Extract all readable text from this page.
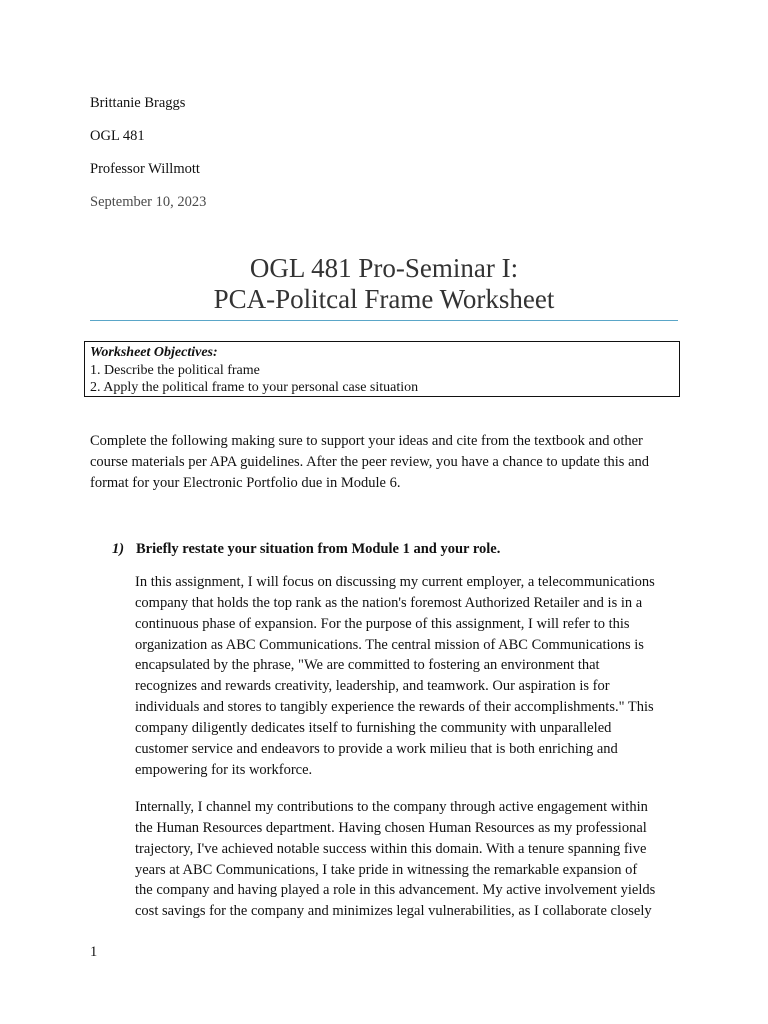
Brittanie Braggs
OGL 481
Professor Willmott
September 10, 2023
OGL 481 Pro-Seminar I:
PCA-Politcal Frame Worksheet
Worksheet Objectives:
1. Describe the political frame
2. Apply the political frame to your personal case situation
Complete the following making sure to support your ideas and cite from the textbook and other
course materials per APA guidelines. After the peer review, you have a chance to update this and
format for your Electronic Portfolio due in Module 6.
1) Briefly restate your situation from Module 1 and your role.
In this assignment, I will focus on discussing my current employer, a telecommunications
company that holds the top rank as the nation's foremost Authorized Retailer and is in a
continuous phase of expansion. For the purpose of this assignment, I will refer to this
organization as ABC Communications. The central mission of ABC Communications is
encapsulated by the phrase, "We are committed to fostering an environment that
recognizes and rewards creativity, leadership, and teamwork. Our aspiration is for
individuals and stores to tangibly experience the rewards of their accomplishments." This
company diligently dedicates itself to furnishing the community with unparalleled
customer service and endeavors to provide a work milieu that is both enriching and
empowering for its workforce.
Internally, I channel my contributions to the company through active engagement within
the Human Resources department. Having chosen Human Resources as my professional
trajectory, I've achieved notable success within this domain. With a tenure spanning five
years at ABC Communications, I take pride in witnessing the remarkable expansion of
the company and having played a role in this advancement. My active involvement yields
cost savings for the company and minimizes legal vulnerabilities, as I collaborate closely
1
